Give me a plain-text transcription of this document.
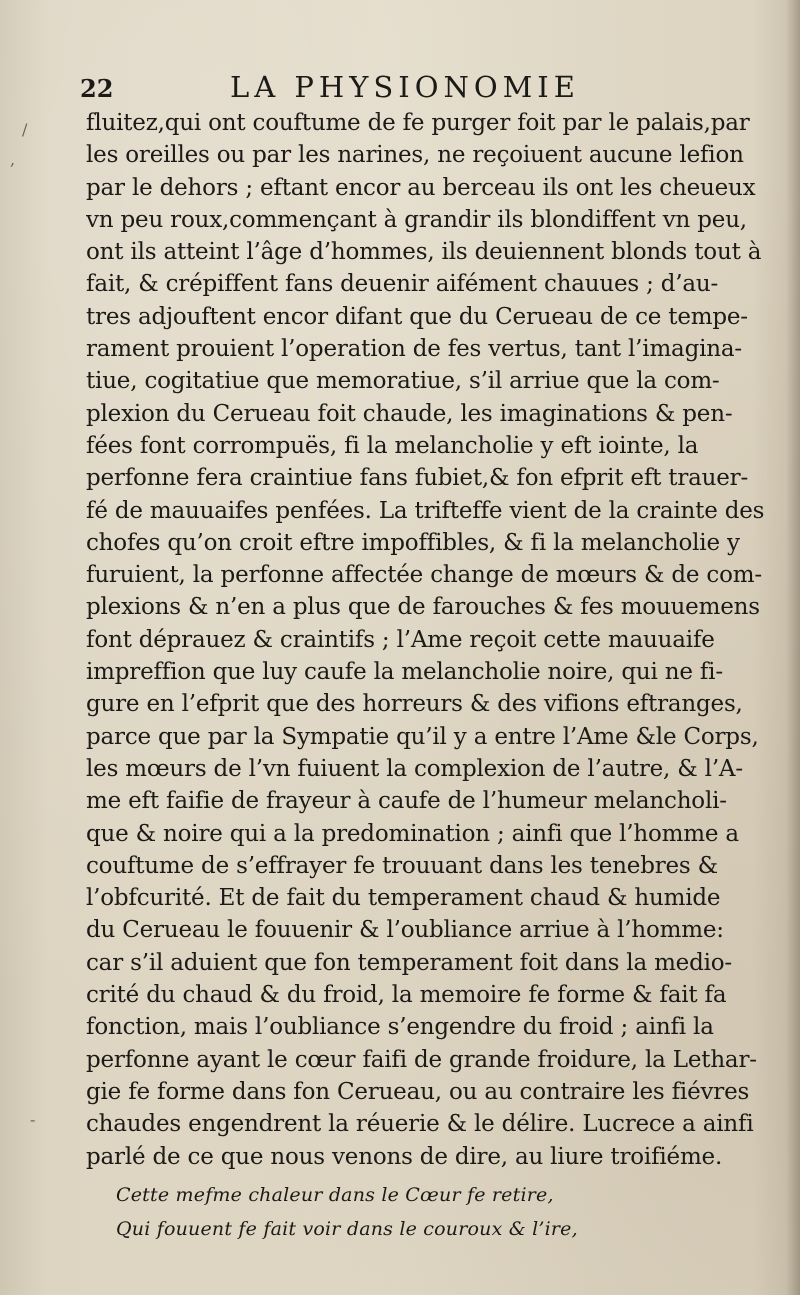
/
,
-
22	LA PHYSIONOMIE
fluitez,qui ont couftume de fe purger foit par le palais,par
les oreilles ou par les narines, ne reçoiuent aucune lefion
par le dehors ; eftant encor au berceau ils ont les cheueux
vn peu roux,commençant à grandir ils blondiffent vn peu,
ont ils atteint l’âge d’hommes, ils deuiennent blonds tout à
fait, & crépiffent fans deuenir aifément chauues ; d’au-
tres adjouftent encor difant que du Cerueau de ce tempe-
rament prouient l’operation de fes vertus, tant l’imagina-
tiue, cogitatiue que memoratiue, s’il arriue que la com-
plexion du Cerueau foit chaude, les imaginations & pen-
fées font corrompuës, fi la melancholie y eft iointe, la
perfonne fera craintiue fans fubiet,& fon efprit eft trauer-
fé de mauuaifes penfées. La trifteffe vient de la crainte des
chofes qu’on croit eftre impoffibles, & fi la melancholie y
furuient, la perfonne affectée change de mœurs & de com-
plexions & n’en a plus que de farouches & fes mouuemens
font déprauez & craintifs ; l’Ame reçoit cette mauuaife
impreffion que luy caufe la melancholie noire, qui ne fi-
gure en l’efprit que des horreurs & des vifions eftranges,
parce que par la Sympatie qu’il y a entre l’Ame &le Corps,
les mœurs de l’vn fuiuent la complexion de l’autre, & l’A-
me eft faifie de frayeur à caufe de l’humeur melancholi-
que & noire qui a la predomination ; ainfi que l’homme a
couftume de s’effrayer fe trouuant dans les tenebres &
l’obfcurité. Et de fait du temperament chaud & humide
du Cerueau le fouuenir & l’oubliance arriue à l’homme:
car s’il aduient que fon temperament foit dans la medio-
crité du chaud & du froid, la memoire fe forme & fait fa
fonction, mais l’oubliance s’engendre du froid ; ainfi la
perfonne ayant le cœur faifi de grande froidure, la Lethar-
gie fe forme dans fon Cerueau, ou au contraire les fiévres
chaudes engendrent la réuerie & le délire. Lucrece a ainfi
parlé de ce que nous venons de dire, au liure troifiéme.
Cette mefme chaleur dans le Cœur fe retire,
Qui fouuent fe fait voir dans le couroux & l’ire,
